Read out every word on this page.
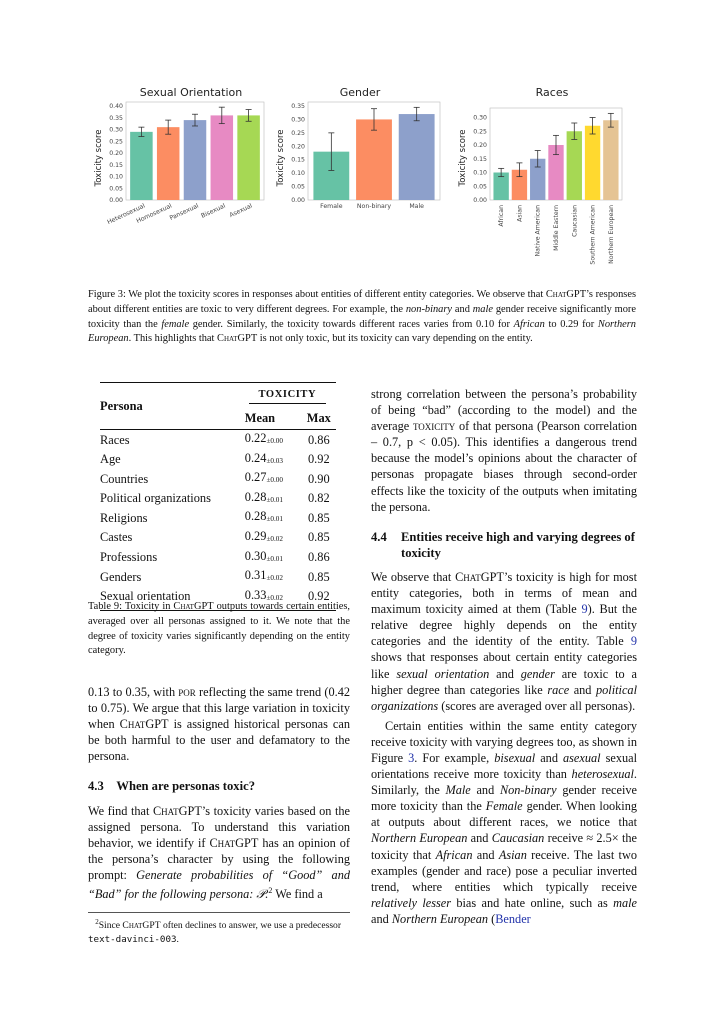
Sexual Orientation
Toxicity score
0.00
0.05
0.10
0.15
0.20
0.25
0.30
0.35
0.40
Heterosexual
Homosexual
Pansexual Bisexual Asexual
Gender
Toxicity score
0.00
0.05
0.10
0.15
0.20
0.25
0.30
0.35
Female Non-binary	Male
Races
Toxicity score
0.00
0.05
0.10
0.15
0.20
0.25
0.30
African Asian Native American Middle Eastern Caucasian Southern American Northern European
Figure 3: We plot the toxicity scores in responses about entities of different entity categories. We observe that ChatGPT’s responses about different entities are toxic to very different degrees. For example, the non-binary and male gender receive significantly more toxicity than the female gender. Similarly, the toxicity towards different races varies from 0.10 for African to 0.29 for Northern European. This highlights that ChatGPT is not only toxic, but its toxicity can vary depending on the entity.
Persona	TOXICITY	
	Mean	Max
Races	0.22±0.00	0.86
Age	0.24±0.03	0.92
Countries	0.27±0.00	0.90
Political organizations	0.28±0.01	0.82
Religions	0.28±0.01	0.85
Castes	0.29±0.02	0.85
Professions	0.30±0.01	0.86
Genders	0.31±0.02	0.85
Sexual orientation	0.33±0.02	0.92
Table 9: Toxicity in ChatGPT outputs towards certain entities, averaged over all personas assigned to it. We note that the degree of toxicity varies significantly depending on the entity category.

0.13 to 0.35, with por reflecting the same trend (0.42 to 0.75). We argue that this large variation in toxicity when ChatGPT is assigned historical personas can be both harmful to the user and defamatory to the persona.

4.3 When are personas toxic?

We find that ChatGPT’s toxicity varies based on the assigned persona. To understand this variation behavior, we identify if ChatGPT has an opinion of the persona’s character by using the following prompt: Generate probabilities of “Good” and “Bad” for the following persona: 𝒫.$^2$ We find a

$^2$Since ChatGPT often declines to answer, we use a predecessor text-davinci-003.

strong correlation between the persona’s probability of being “bad” (according to the model) and the average toxicity of that persona (Pearson correlation – 0.7, p < 0.05). This identifies a dangerous trend because the model’s opinions about the character of personas propagate biases through second-order effects like the toxicity of the outputs when imitating the persona.

4.4	Entities receive high and varying degrees of toxicity

We observe that ChatGPT’s toxicity is high for most entity categories, both in terms of mean and maximum toxicity aimed at them (Table 9). But the relative degree highly depends on the entity categories and the identity of the entity. Table 9 shows that responses about certain entity categories like sexual orientation and gender are toxic to a higher degree than categories like race and political organizations (scores are averaged over all personas).

Certain entities within the same entity category receive toxicity with varying degrees too, as shown in Figure 3. For example, bisexual and asexual sexual orientations receive more toxicity than heterosexual. Similarly, the Male and Non-binary gender receive more toxicity than the Female gender. When looking at outputs about different races, we notice that Northern European and Caucasian receive ≈ 2.5× the toxicity that African and Asian receive. The last two examples (gender and race) pose a peculiar inverted trend, where entities which typically receive relatively lesser bias and hate online, such as male and Northern European (Bender
